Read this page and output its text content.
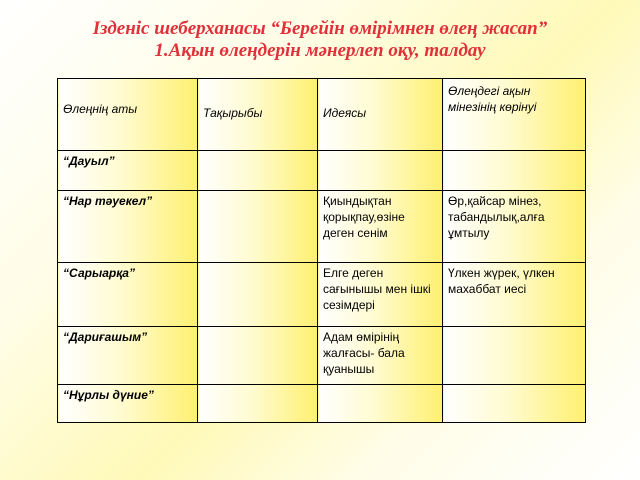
Ізденіс шеберханасы “Берейін өмірімнен өлең жасап”
1.Ақын өлеңдерін мәнерлеп оқу, талдау
Өлеңнің аты	Тақырыбы	Идеясы	Өлеңдегі ақын мінезінің көрінуі
“Дауыл”			
“Нар тәуекел”		Қиындықтан қорықпау,өзіне деген сенім	Өр,қайсар мінез, табандылық,алға ұмтылу
“Сарыарқа”		Елге деген сағынышы мен ішкі сезімдері	Үлкен жүрек, үлкен махаббат иесі
“Дариғашым”		Адам өмірінің жалғасы- бала қуанышы	
“Нұрлы дүние”			
